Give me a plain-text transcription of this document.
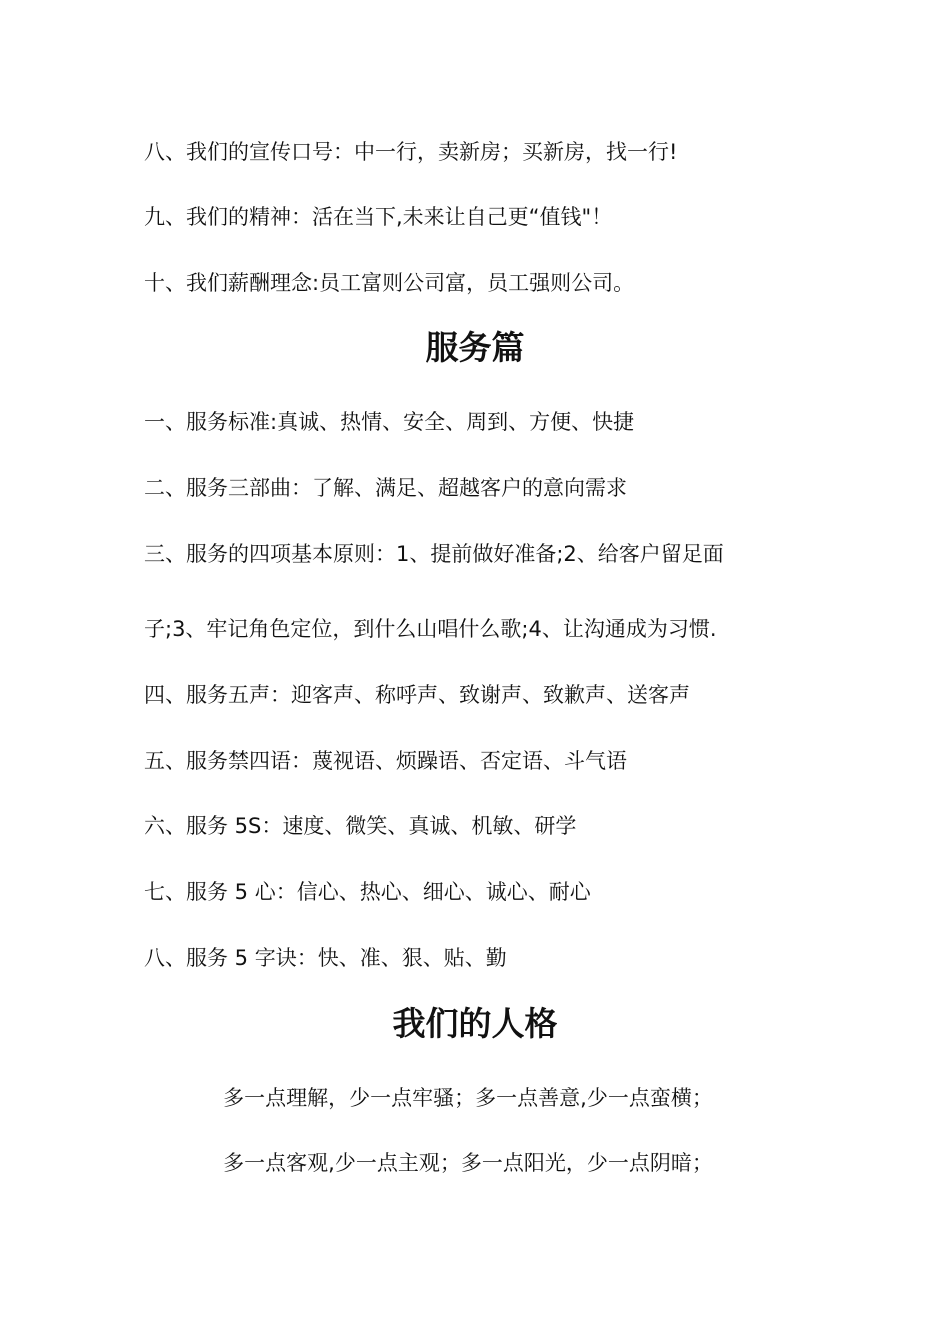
八、我们的宣传口号：中一行，卖新房；买新房，找一行!
九、我们的精神：活在当下,未来让自己更“值钱"！
十、我们薪酬理念:员工富则公司富，员工强则公司。
服务篇
一、服务标准:真诚、热情、安全、周到、方便、快捷
二、服务三部曲：了解、满足、超越客户的意向需求
三、服务的四项基本原则：1、提前做好准备;2、给客户留足面
子;3、牢记角色定位，到什么山唱什么歌;4、让沟通成为习惯.
四、服务五声：迎客声、称呼声、致谢声、致歉声、送客声
五、服务禁四语：蔑视语、烦躁语、否定语、斗气语
六、服务 5S：速度、微笑、真诚、机敏、研学
七、服务 5 心：信心、热心、细心、诚心、耐心
八、服务 5 字诀：快、准、狠、贴、勤
我们的人格
多一点理解，少一点牢骚；多一点善意,少一点蛮横；
多一点客观,少一点主观；多一点阳光，少一点阴暗；
